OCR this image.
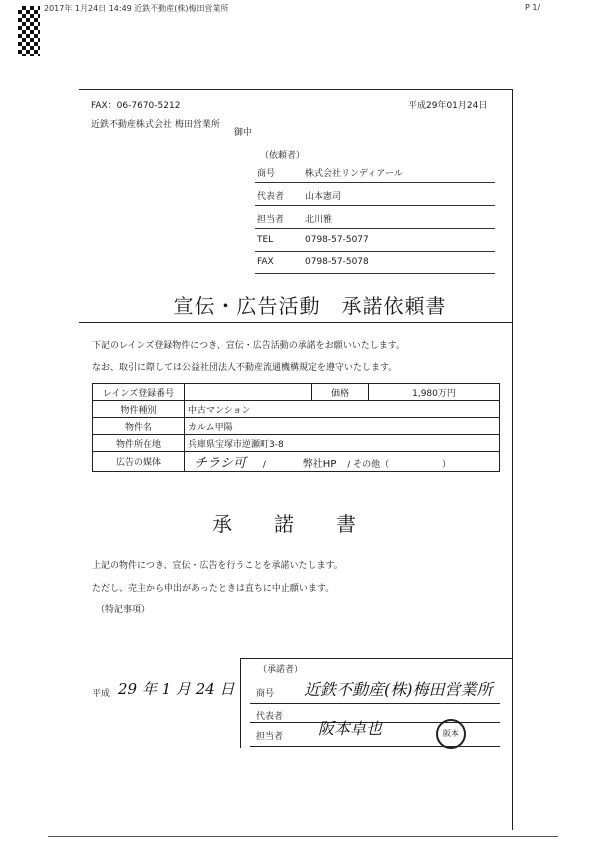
2017年 1月24日 14:49 近鉄不動産(株)梅田営業所	P 1/
FAX：06-7670-5212	平成29年01月24日
近鉄不動産株式会社 梅田営業所
御中
（依頼者）
商号	株式会社リンディアール
代表者 山本憲司
担当者 北川雅
TEL	0798-57-5077
FAX	0798-57-5078
宣伝・広告活動　承諾依頼書
下記のレインズ登録物件につき、宣伝・広告活動の承諾をお願いいたします。
なお、取引に際しては公益社団法人不動産流通機構規定を遵守いたします。
レインズ登録番号		価格	1,980万円
物件種別	中古マンション		
物件名	カルム甲陽		
物件所在地	兵庫県宝塚市逆瀬町3-8		
広告の媒体	チラシ可 / 弊社HP / その他（ ）		
承諾書
上記の物件につき、宣伝・広告を行うことを承諾いたします。
ただし、売主から申出があったときは直ちに中止願います。
（特記事項）
（承諾者）
平成 29 年 1 月 24 日 商号 近鉄不動産(株)梅田営業所
代表者
担当者 阪本卓也	阪本
